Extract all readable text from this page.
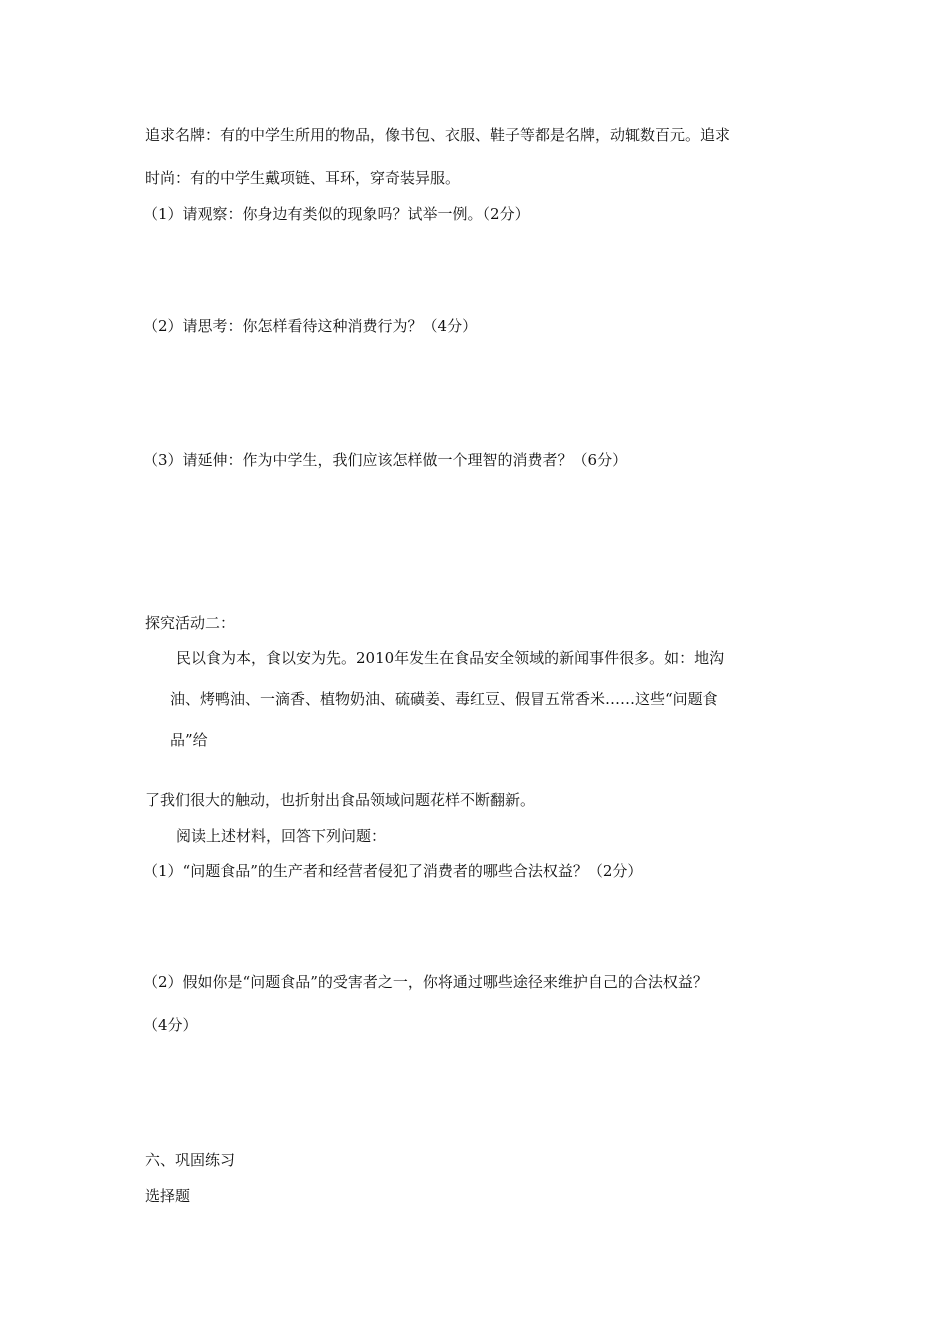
追求名牌：有的中学生所用的物品，像书包、衣服、鞋子等都是名牌，动辄数百元。追求
时尚：有的中学生戴项链、耳环，穿奇装异服。
（1）请观察：你身边有类似的现象吗？试举一例。（2分）
（2）请思考：你怎样看待这种消费行为？（4分）
（3）请延伸：作为中学生，我们应该怎样做一个理智的消费者？（6分）
探究活动二：
民以食为本，食以安为先。2010年发生在食品安全领域的新闻事件很多。如：地沟
油、烤鸭油、一滴香、植物奶油、硫磺姜、毒红豆、假冒五常香米……这些“问题食
品”给
了我们很大的触动，也折射出食品领域问题花样不断翻新。
阅读上述材料，回答下列问题：
（1）“问题食品”的生产者和经营者侵犯了消费者的哪些合法权益？（2分）
（2）假如你是“问题食品”的受害者之一，你将通过哪些途径来维护自己的合法权益？
（4分）
六、巩固练习
选择题
